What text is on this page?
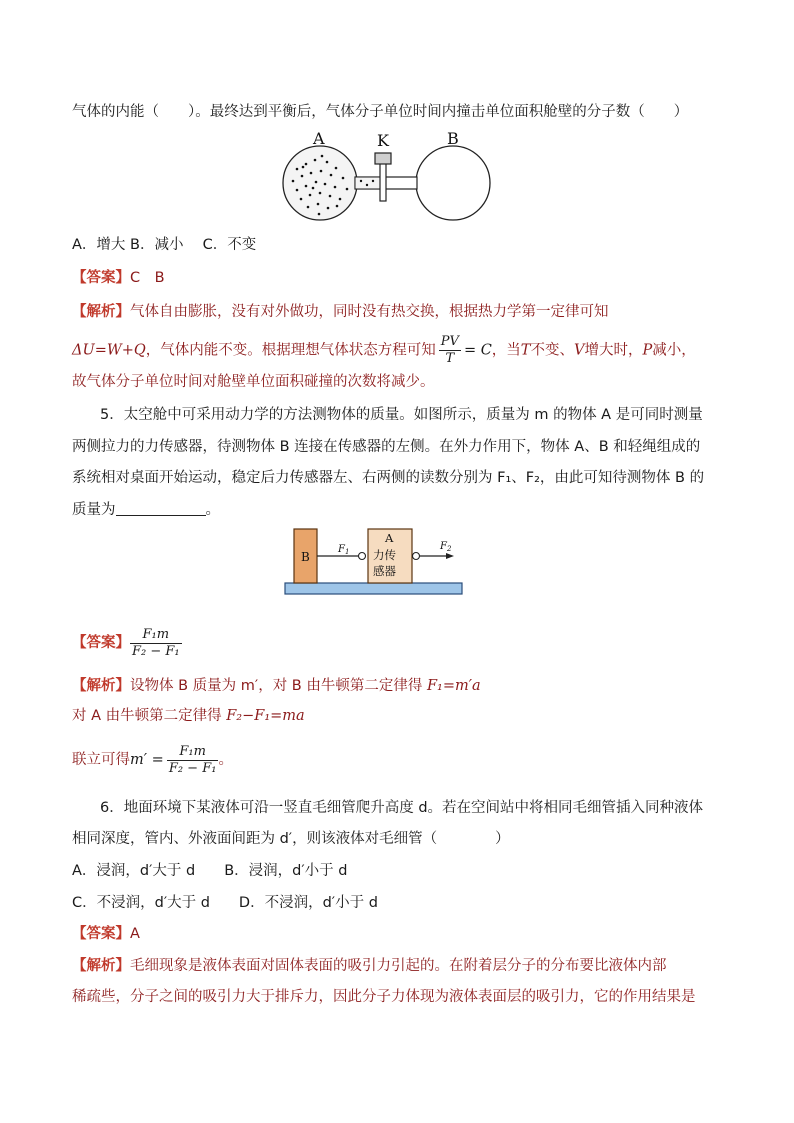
气体的内能（　　）。最终达到平衡后，气体分子单位时间内撞击单位面积舱壁的分子数（　　）
A	K	B
A．增大 B．减小　 C．不变
【答案】C　B
【解析】气体自由膨胀，没有对外做功，同时没有热交换，根据热力学第一定律可知
ΔU=W+Q，气体内能不变。根据理想气体状态方程可知 $\frac{PV}{T} = C$，当T不变、V增大时，P减小，
故气体分子单位时间对舱壁单位面积碰撞的次数将减少。
5．太空舱中可采用动力学的方法测物体的质量。如图所示，质量为 m 的物体 A 是可同时测量
两侧拉力的力传感器，待测物体 B 连接在传感器的左侧。在外力作用下，物体 A、B 和轻绳组成的
系统相对桌面开始运动，稳定后力传感器左、右两侧的读数分别为 F₁、F₂，由此可知待测物体 B 的
质量为	。
B
A
力传
感器
$F_1$	$F_2$
【答案】 $\frac{\text{F₁m}}{\text{F₂ − F₁}}$
【解析】设物体 B 质量为 m′，对 B 由牛顿第二定律得 F₁=m′a
对 A 由牛顿第二定律得 F₂−F₁=ma
联立可得$m' = \frac{\text{F₁m}}{\text{F₂ − F₁}}$ 。
6．地面环境下某液体可沿一竖直毛细管爬升高度 d。若在空间站中将相同毛细管插入同种液体
相同深度，管内、外液面间距为 d′，则该液体对毛细管（　　　　）
A．浸润，d′大于 d　　B．浸润，d′小于 d
C．不浸润，d′大于 d　　D．不浸润，d′小于 d
【答案】A
【解析】毛细现象是液体表面对固体表面的吸引力引起的。在附着层分子的分布要比液体内部
稀疏些，分子之间的吸引力大于排斥力，因此分子力体现为液体表面层的吸引力，它的作用结果是
